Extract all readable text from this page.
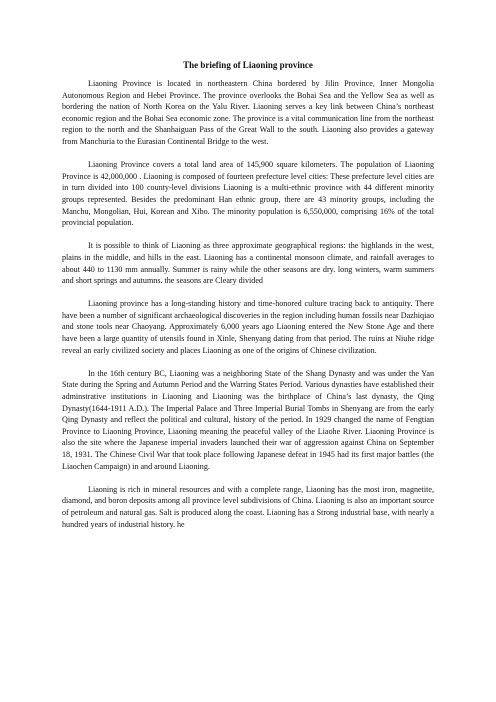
The briefing of Liaoning province

Liaoning Province is located in northeastern China bordered by Jilin Province, Inner Mongolia Autonomous Region and Hebei Province. The province overlooks the Bohai Sea and the Yellow Sea as well as bordering the nation of North Korea on the Yalu River. Liaoning serves a key link between China’s northeast economic region and the Bohai Sea economic zone. The province is a vital communication line from the northeast region to the north and the Shanhaiguan Pass of the Great Wall to the south. Liaoning also provides a gateway from Manchuria to the Eurasian Continental Bridge to the west.

Liaoning Province covers a total land area of 145,900 square kilometers. The population of Liaoning Province is 42,000,000 . Liaoning is composed of fourteen prefecture level cities: These prefecture level cities are in turn divided into 100 county-level divisions Liaoning is a multi-ethnic province with 44 different minority groups represented. Besides the predominant Han ethnic group, there are 43 minority groups, including the Manchu, Mongolian, Hui, Korean and Xibo. The minority population is 6,550,000, comprising 16% of the total provincial population.

It is possible to think of Liaoning as three approximate geographical regions: the highlands in the west, plains in the middle, and hills in the east. Liaoning has a continental monsoon climate, and rainfall averages to about 440 to 1130 mm annually. Summer is rainy while the other seasons are dry. long winters, warm summers and short springs and autumns. the seasons are Cleary divided

Liaoning province has a long-standing history and time-honored culture tracing back to antiquity. There have been a number of significant archaeological discoveries in the region including human fossils near Dazhiqiao and stone tools near Chaoyang. Approximately 6,000 years ago Liaoning entered the New Stone Age and there have been a large quantity of utensils found in Xinle, Shenyang dating from that period. The ruins at Niuhe ridge reveal an early civilized society and places Liaoning as one of the origins of Chinese civilization.

In the 16th century BC, Liaoning was a neighboring State of the Shang Dynasty and was under the Yan State during the Spring and Autumn Period and the Warring States Period. Various dynasties have established their adminstrative institutions in Liaoning and Liaoning was the birthplace of China’s last dynasty, the Qing Dynasty(1644-1911 A.D.). The Imperial Palace and Three Imperial Burial Tombs in Shenyang are from the early Qing Dynasty and reflect the political and cultural, history of the period. In 1929 changed the name of Fengtian Province to Liaoning Province, Liaoning meaning the peaceful valley of the Liaohe River. Liaoning Province is also the site where the Japanese imperial invaders launched their war of aggression against China on September 18, 1931. The Chinese Civil War that took place following Japanese defeat in 1945 had its first major battles (the Liaochen Campaign) in and around Liaoning.

Liaoning is rich in mineral resources and with a complete range, Liaoning has the most iron, magnetite, diamond, and boron deposits among all province level subdivisions of China. Liaoning is also an important source of petroleum and natural gas. Salt is produced along the coast. Liaoning has a Strong industrial base, with nearly a hundred years of industrial history. he
